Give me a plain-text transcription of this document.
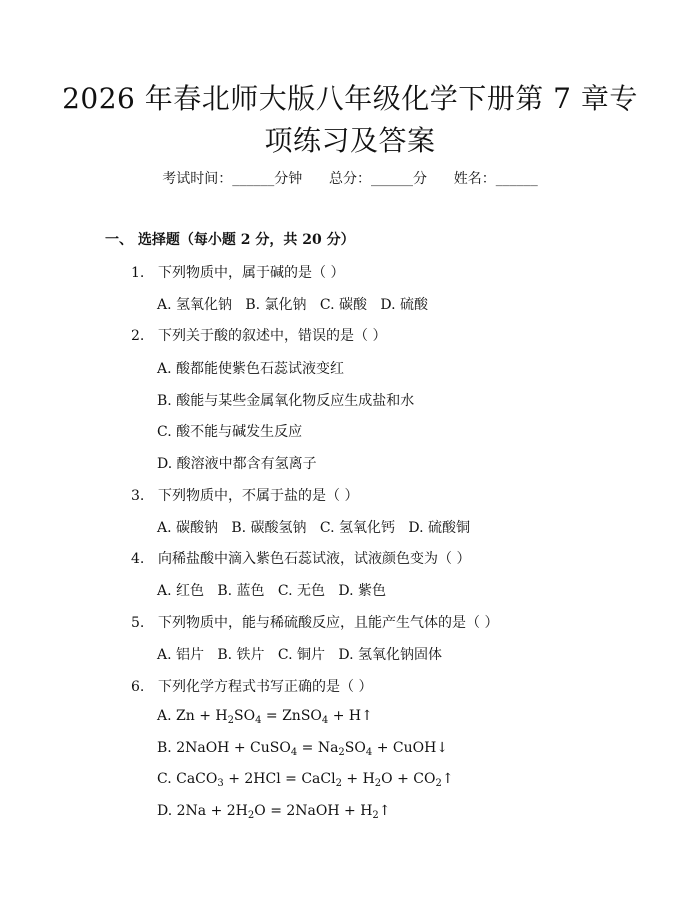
2026 年春北师大版八年级化学下册第 7 章专
项练习及答案
考试时间：______分钟 总分：______分 姓名：______
一、 选择题（每小题 2 分，共 20 分）
1. 下列物质中，属于碱的是（ ）
A. 氢氧化钠   B. 氯化钠   C. 碳酸   D. 硫酸
2. 下列关于酸的叙述中，错误的是（ ）
A. 酸都能使紫色石蕊试液变红
B. 酸能与某些金属氧化物反应生成盐和水
C. 酸不能与碱发生反应
D. 酸溶液中都含有氢离子
3. 下列物质中，不属于盐的是（ ）
A. 碳酸钠   B. 碳酸氢钠   C. 氢氧化钙   D. 硫酸铜
4. 向稀盐酸中滴入紫色石蕊试液，试液颜色变为（ ）
A. 红色   B. 蓝色   C. 无色   D. 紫色
5. 下列物质中，能与稀硫酸反应，且能产生气体的是（ ）
A. 铝片   B. 铁片   C. 铜片   D. 氢氧化钠固体
6. 下列化学方程式书写正确的是（ ）
A. $Zn + H_2SO_4$ = ZnSO$_4$ + H↑
B. 2NaOH + CuSO$_4$ = $Na_2SO_4$ + CuOH↓
C. CaCO$_3$ + 2HCl = CaCl$_2$ + $H_2O$ + $CO_2↑$
D. $2Na + 2H_2O$ = 2NaOH + $H_2↑$
